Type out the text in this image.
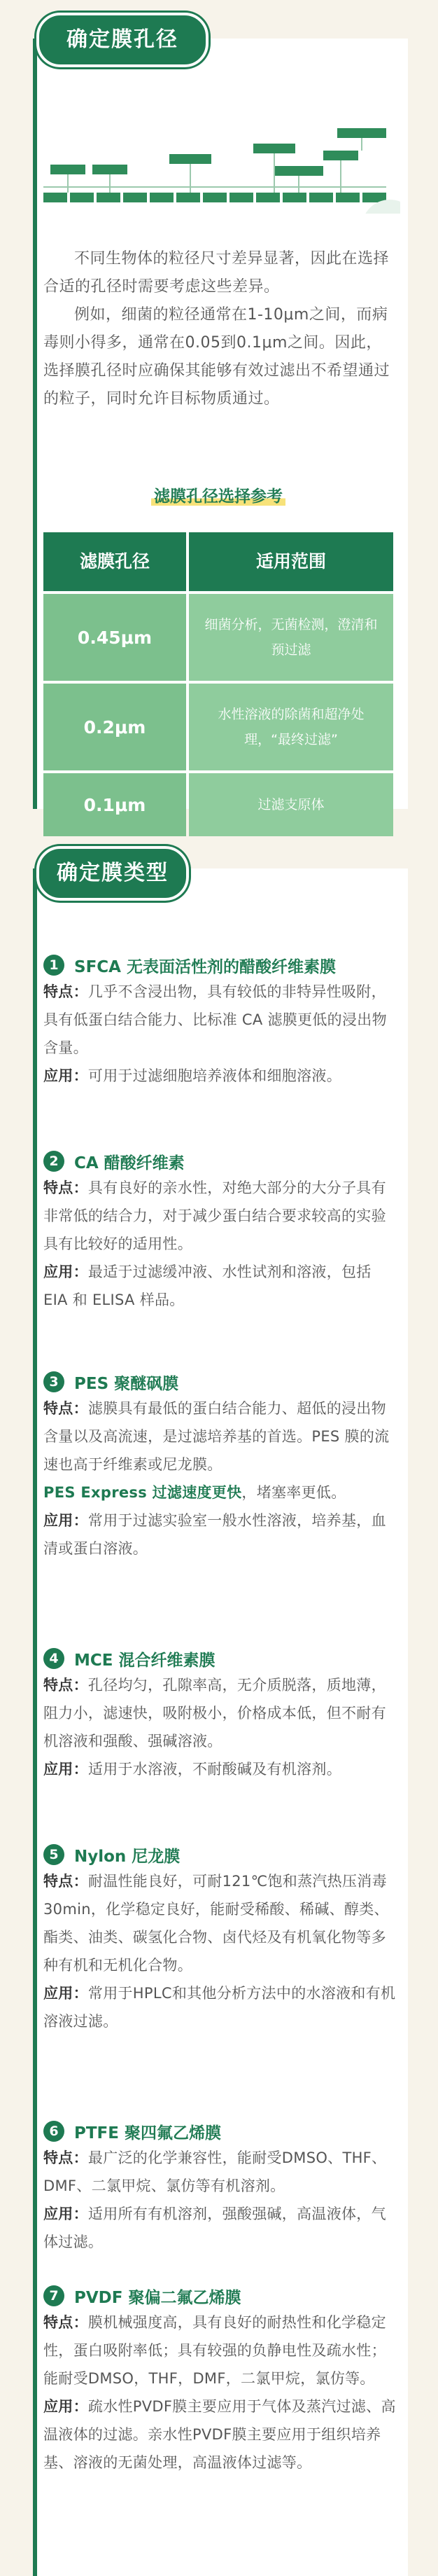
确定膜孔径

不同生物体的粒径尺寸差异显著，因此在选择合适的孔径时需要考虑这些差异。

例如，细菌的粒径通常在1-10μm之间，而病毒则小得多，通常在0.05到0.1μm之间。因此，选择膜孔径时应确保其能够有效过滤出不希望通过的粒子，同时允许目标物质通过。

滤膜孔径选择参考
滤膜孔径	适用范围
0.45μm
细菌分析，无菌检测，澄清和预过滤
0.2μm
水性溶液的除菌和超净处理，“最终过滤”
0.1μm	过滤支原体
确定膜类型
1 SFCA 无表面活性剂的醋酸纤维素膜

特点：几乎不含浸出物，具有较低的非特异性吸附，具有低蛋白结合能力、比标准 CA 滤膜更低的浸出物含量。

应用：可用于过滤细胞培养液体和细胞溶液。

2 CA 醋酸纤维素

特点：具有良好的亲水性，对绝大部分的大分子具有非常低的结合力，对于减少蛋白结合要求较高的实验具有比较好的适用性。

应用：最适于过滤缓冲液、水性试剂和溶液，包括 EIA 和 ELISA 样品。

3 PES 聚醚砜膜

特点：滤膜具有最低的蛋白结合能力、超低的浸出物含量以及高流速，是过滤培养基的首选。PES 膜的流速也高于纤维素或尼龙膜。

PES Express 过滤速度更快，堵塞率更低。

应用：常用于过滤实验室一般水性溶液，培养基，血清或蛋白溶液。

4 MCE 混合纤维素膜

特点：孔径均匀，孔隙率高，无介质脱落，质地薄，阻力小，滤速快，吸附极小，价格成本低，但不耐有机溶液和强酸、强碱溶液。

应用：适用于水溶液，不耐酸碱及有机溶剂。

5 Nylon 尼龙膜

特点：耐温性能良好，可耐121℃饱和蒸汽热压消毒30min，化学稳定良好，能耐受稀酸、稀碱、醇类、酯类、油类、碳氢化合物、卤代烃及有机氧化物等多种有机和无机化合物。

应用：常用于HPLC和其他分析方法中的水溶液和有机溶液过滤。

6 PTFE 聚四氟乙烯膜

特点：最广泛的化学兼容性，能耐受DMSO、THF、DMF、二氯甲烷、氯仿等有机溶剂。

应用：适用所有有机溶剂，强酸强碱，高温液体，气体过滤。

7 PVDF 聚偏二氟乙烯膜

特点：膜机械强度高，具有良好的耐热性和化学稳定性，蛋白吸附率低；具有较强的负静电性及疏水性；能耐受DMSO，THF，DMF，二氯甲烷，氯仿等。

应用：疏水性PVDF膜主要应用于气体及蒸汽过滤、高温液体的过滤。亲水性PVDF膜主要应用于组织培养基、溶液的无菌处理，高温液体过滤等。
